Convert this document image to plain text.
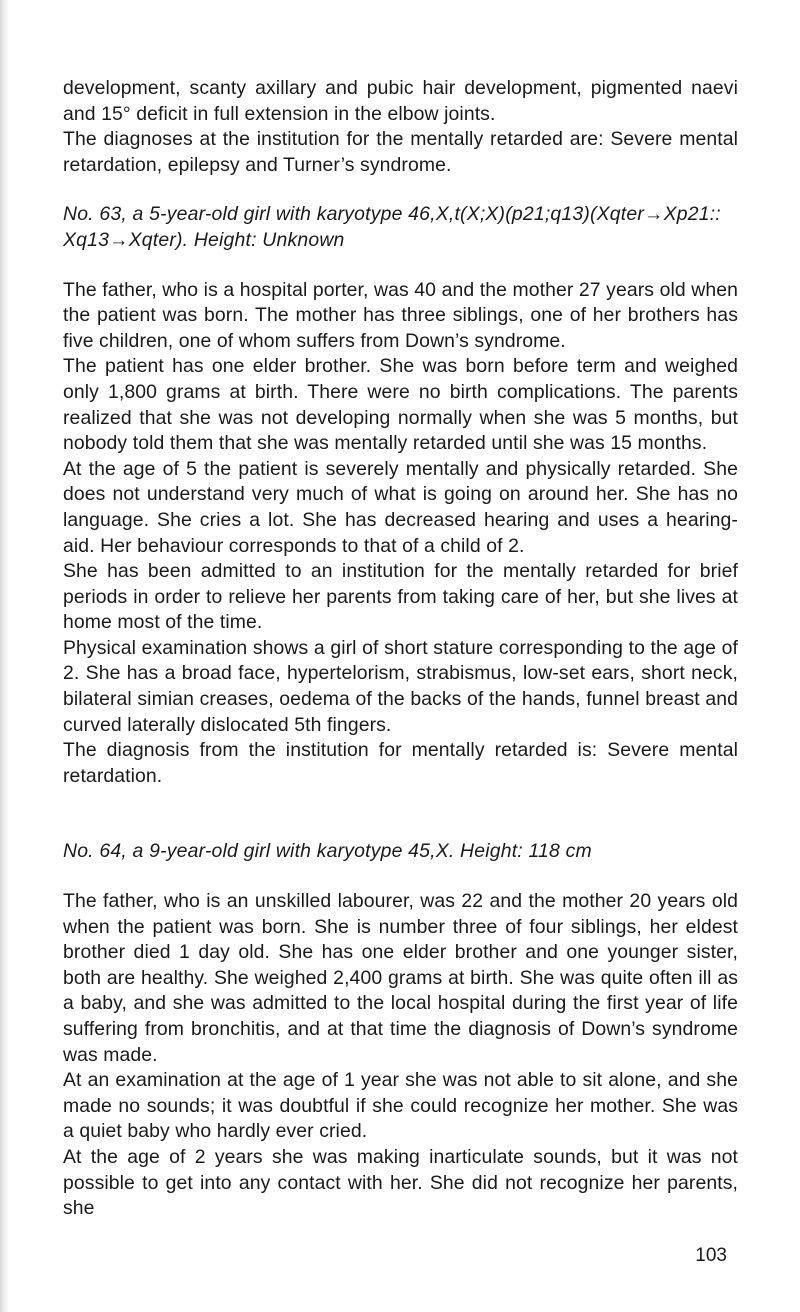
development, scanty axillary and pubic hair development, pigmented naevi and 15° deficit in full extension in the elbow joints.

The diagnoses at the institution for the mentally retarded are: Severe mental retardation, epilepsy and Turner’s syndrome.

No. 63, a 5-year-old girl with karyotype 46,X,t(X;X)(p21;q13)(Xqter→Xp21:: Xq13→Xqter). Height: Unknown

The father, who is a hospital porter, was 40 and the mother 27 years old when the patient was born. The mother has three siblings, one of her brothers has five children, one of whom suffers from Down’s syndrome.

The patient has one elder brother. She was born before term and weighed only 1,800 grams at birth. There were no birth complications. The parents realized that she was not developing normally when she was 5 months, but nobody told them that she was mentally retarded until she was 15 months.

At the age of 5 the patient is severely mentally and physically retarded. She does not understand very much of what is going on around her. She has no language. She cries a lot. She has decreased hearing and uses a hearing-aid. Her behaviour corresponds to that of a child of 2.

She has been admitted to an institution for the mentally retarded for brief periods in order to relieve her parents from taking care of her, but she lives at home most of the time.

Physical examination shows a girl of short stature corresponding to the age of 2. She has a broad face, hypertelorism, strabismus, low-set ears, short neck, bilateral simian creases, oedema of the backs of the hands, funnel breast and curved laterally dislocated 5th fingers.

The diagnosis from the institution for mentally retarded is: Severe mental retardation.

No. 64, a 9-year-old girl with karyotype 45,X. Height: 118 cm

The father, who is an unskilled labourer, was 22 and the mother 20 years old when the patient was born. She is number three of four siblings, her eldest brother died 1 day old. She has one elder brother and one younger sister, both are healthy. She weighed 2,400 grams at birth. She was quite often ill as a baby, and she was admitted to the local hospital during the first year of life suffering from bronchitis, and at that time the diagnosis of Down’s syndrome was made.

At an examination at the age of 1 year she was not able to sit alone, and she made no sounds; it was doubtful if she could recognize her mother. She was a quiet baby who hardly ever cried.

At the age of 2 years she was making inarticulate sounds, but it was not possible to get into any contact with her. She did not recognize her parents, she

103
